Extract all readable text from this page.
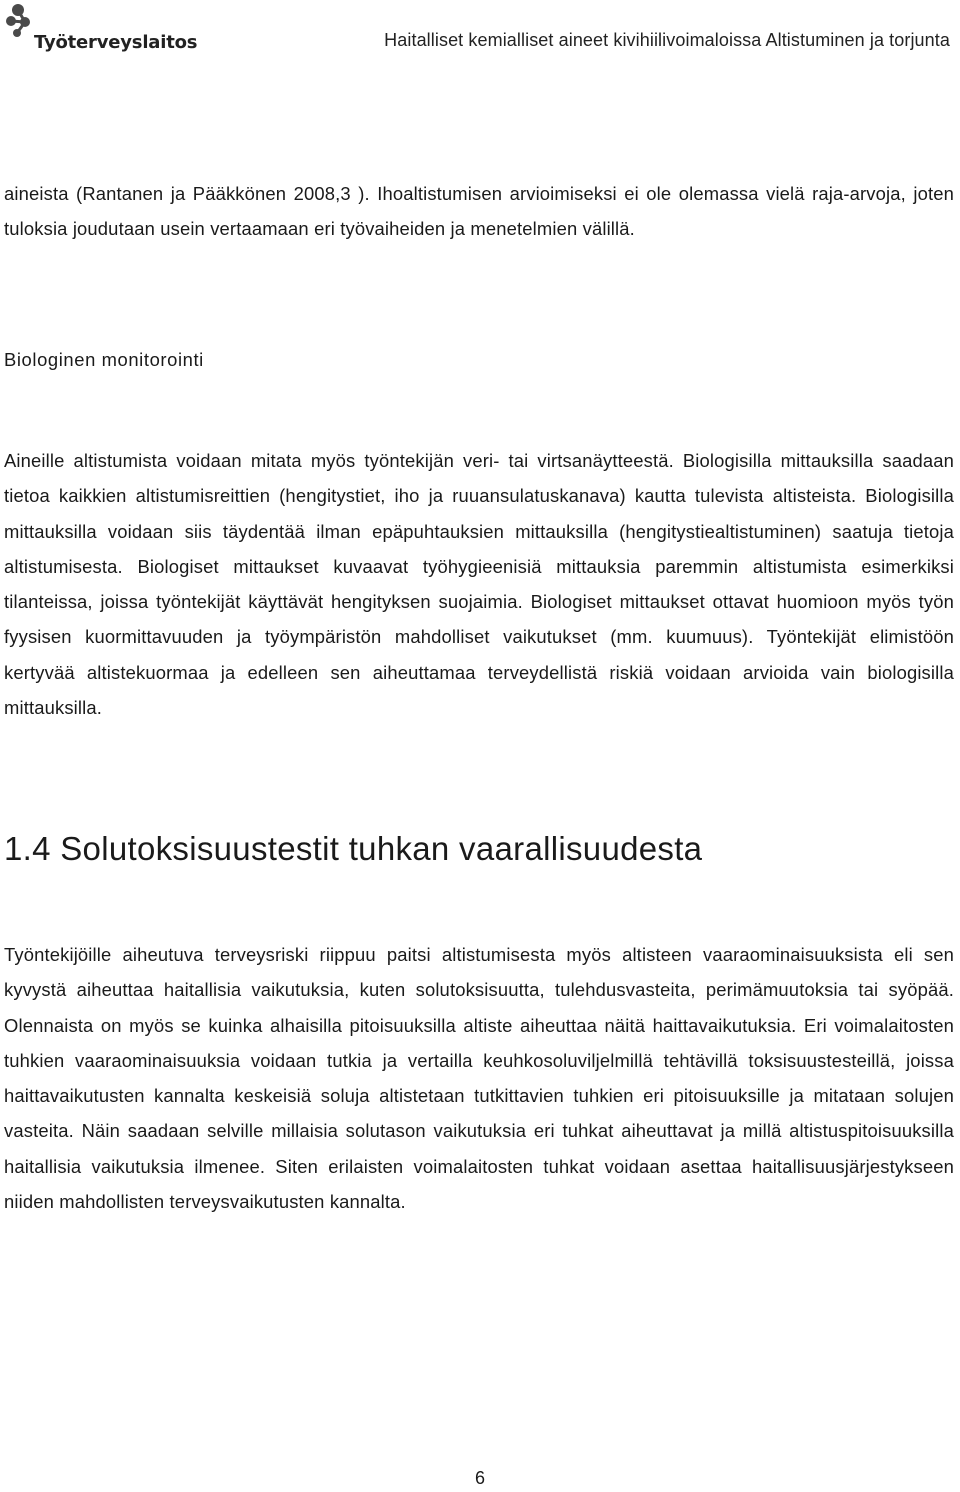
Työterveyslaitos	Haitalliset kemialliset aineet kivihiilivoimaloissa Altistuminen ja torjunta

aineista (Rantanen ja Pääkkönen 2008,3 ). Ihoaltistumisen arvioimiseksi ei ole olemassa vielä raja-arvoja, joten tuloksia joudutaan usein vertaamaan eri työvaiheiden ja menetelmien välillä.

Biologinen monitorointi

Aineille altistumista voidaan mitata myös työntekijän veri- tai virtsanäytteestä. Biologisilla mittauksilla saadaan tietoa kaikkien altistumisreittien (hengitystiet, iho ja ruuansulatuskanava) kautta tulevista altisteista. Biologisilla mittauksilla voidaan siis täydentää ilman epäpuhtauksien mittauksilla (hengitystiealtistuminen) saatuja tietoja altistumisesta. Biologiset mittaukset kuvaavat työhygieenisiä mittauksia paremmin altistumista esimerkiksi tilanteissa, joissa työntekijät käyttävät hengityksen suojaimia. Biologiset mittaukset ottavat huomioon myös työn fyysisen kuormittavuuden ja työympäristön mahdolliset vaikutukset (mm. kuumuus). Työntekijät elimistöön kertyvää altistekuormaa ja edelleen sen aiheuttamaa terveydellistä riskiä voidaan arvioida vain biologisilla mittauksilla.

1.4 Solutoksisuustestit tuhkan vaarallisuudesta

Työntekijöille aiheutuva terveysriski riippuu paitsi altistumisesta myös altisteen vaaraominaisuuksista eli sen kyvystä aiheuttaa haitallisia vaikutuksia, kuten solutoksisuutta, tulehdusvasteita, perimämuutoksia tai syöpää. Olennaista on myös se kuinka alhaisilla pitoisuuksilla altiste aiheuttaa näitä haittavaikutuksia. Eri voimalaitosten tuhkien vaaraominaisuuksia voidaan tutkia ja vertailla keuhkosoluviljelmillä tehtävillä toksisuustesteillä, joissa haittavaikutusten kannalta keskeisiä soluja altistetaan tutkittavien tuhkien eri pitoisuuksille ja mitataan solujen vasteita. Näin saadaan selville millaisia solutason vaikutuksia eri tuhkat aiheuttavat ja millä altistuspitoisuuksilla haitallisia vaikutuksia ilmenee. Siten erilaisten voimalaitosten tuhkat voidaan asettaa haitallisuusjärjestykseen niiden mahdollisten terveysvaikutusten kannalta.

6
